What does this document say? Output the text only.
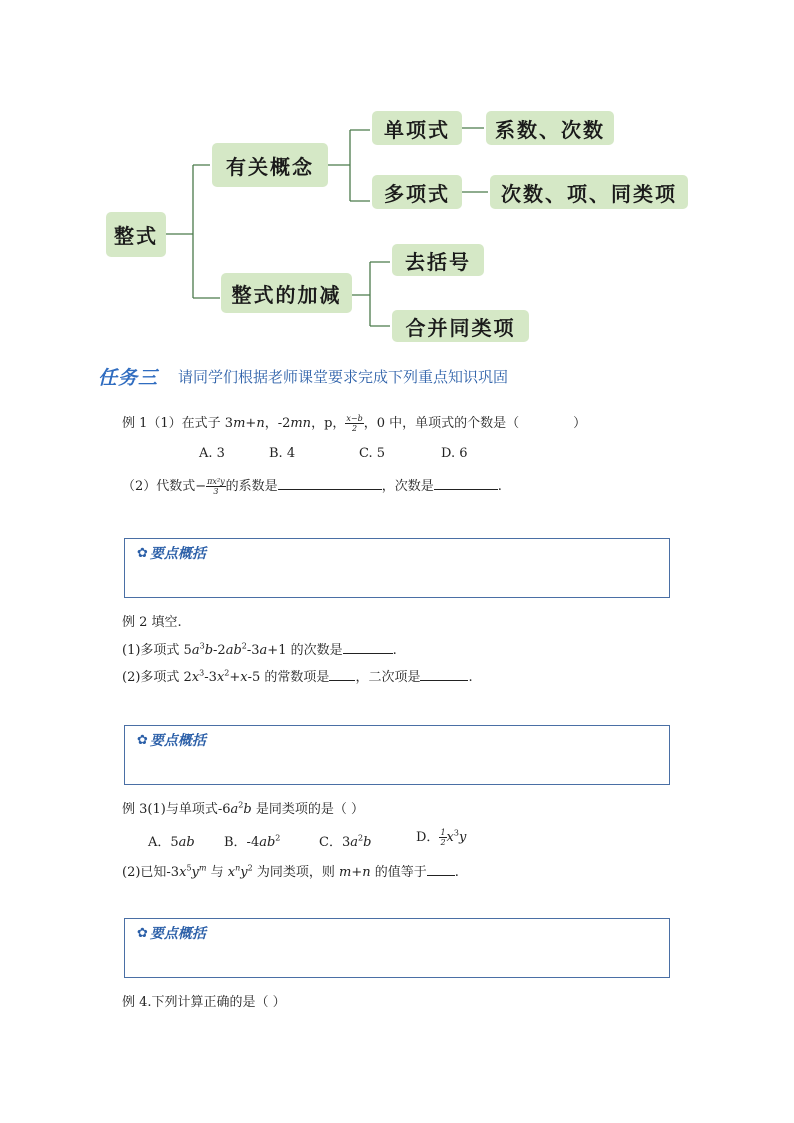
整式
有关概念
整式的加减
单项式	系数、次数
多项式	次数、项、同类项
去括号
合并同类项
任务三 请同学们根据老师课堂要求完成下列重点知识巩固
例 1（1）在式子 3m+n，-2mn，p， $\frac{x-b}{2}$ ，0 中，单项式的个数是（	）
A. 3	B. 4	C. 5	D. 6
（2）代数式− $\frac{\text{πx²y}}{3}$ 的系数是	，次数是	.
✿ 要点概括
例 2 填空.
(1)多项式 $5a^3b-2ab^2-3a+1$ 的次数是	.
(2)多项式 $2x^3-3x^2+x-5$ 的常数项是 ，二次项是	.
✿ 要点概括
例 3(1)与单项式$-6a^2b$ 是同类项的是（ ）
A．5ab B．$-4ab^2$	C．$3a^2b$	D． $\frac{1}{2} x^3y$
(2)已知$-3x^5y^m$ 与 $x^ny^2$ 为同类项，则 m+n 的值等于 .
✿ 要点概括
例 4.下列计算正确的是（ ）
